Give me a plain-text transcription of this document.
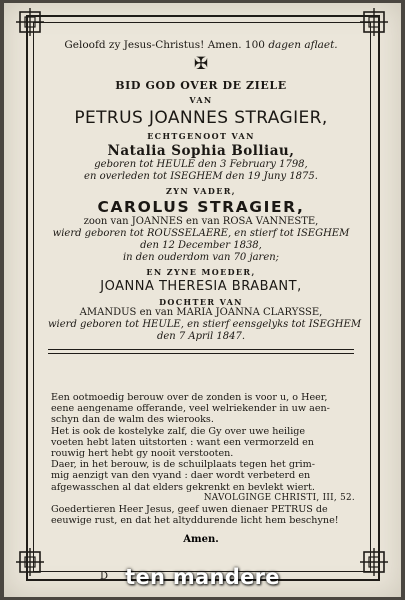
Geloofd zy Jesus-Christus! Amen. 100 dagen aflaet.
✠
BID GOD OVER DE ZIELE
VAN
PETRUS JOANNES STRAGIER,
ECHTGENOOT VAN
Natalia Sophia Bolliau,
geboren tot HEULE den 3 February 1798,
en overleden tot ISEGHEM den 19 Juny 1875.
ZYN VADER,
CAROLUS STRAGIER,
zoon van JOANNES en van ROSA VANNESTE,
wierd geboren tot ROUSSELAERE, en stierf tot ISEGHEM
den 12 December 1838,
in den ouderdom van 70 jaren;
EN ZYNE MOEDER,
JOANNA THERESIA BRABANT,
DOCHTER VAN
AMANDUS en van MARIA JOANNA CLARYSSE,
wierd geboren tot HEULE, en stierf eensgelyks tot ISEGHEM
den 7 April 1847.
Een ootmoedig berouw over de zonden is voor u, o Heer,
eene aengename offerande, veel welriekender in uw aen-
schyn dan de walm des wierooks.
Het is ook de kostelyke zalf, die Gy over uwe heilige
voeten hebt laten uitstorten : want een vermorzeld en
rouwig hert hebt gy nooit verstooten.
Daer, in het berouw, is de schuilplaats tegen het grim-
mig aenzigt van den vyand : daer wordt verbeterd en
afgewasschen al dat elders gekrenkt en bevlekt wiert.
NAVOLGINGE CHRISTI, III, 52.
Goedertieren Heer Jesus, geef uwen dienaer PETRUS de
eeuwige rust, en dat het altyddurende licht hem beschyne!
Amen.
D ten mandere
